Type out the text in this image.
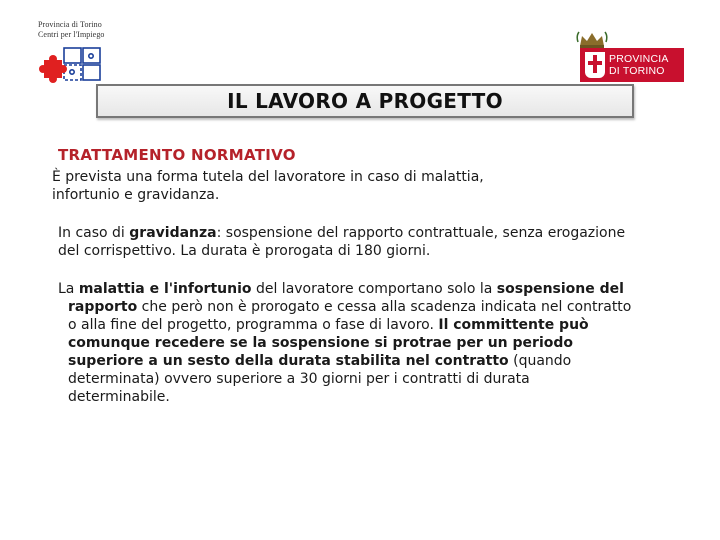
Provincia di Torino
Centri per l'Impiego
PROVINCIA
DI TORINO
IL LAVORO A PROGETTO

TRATTAMENTO NORMATIVO

È prevista una forma tutela del lavoratore in caso di malattia,
infortunio e gravidanza.

In caso di gravidanza: sospensione del rapporto contrattuale, senza erogazione del corrispettivo. La durata è prorogata di 180 giorni.

La malattia e l'infortunio del lavoratore comportano solo la sospensione del rapporto che però non è prorogato e cessa alla scadenza indicata nel contratto o alla fine del progetto, programma o fase di lavoro. Il committente può comunque recedere se la sospensione si protrae per un periodo superiore a un sesto della durata stabilita nel contratto (quando determinata) ovvero superiore a 30 giorni per i contratti di durata determinabile.
